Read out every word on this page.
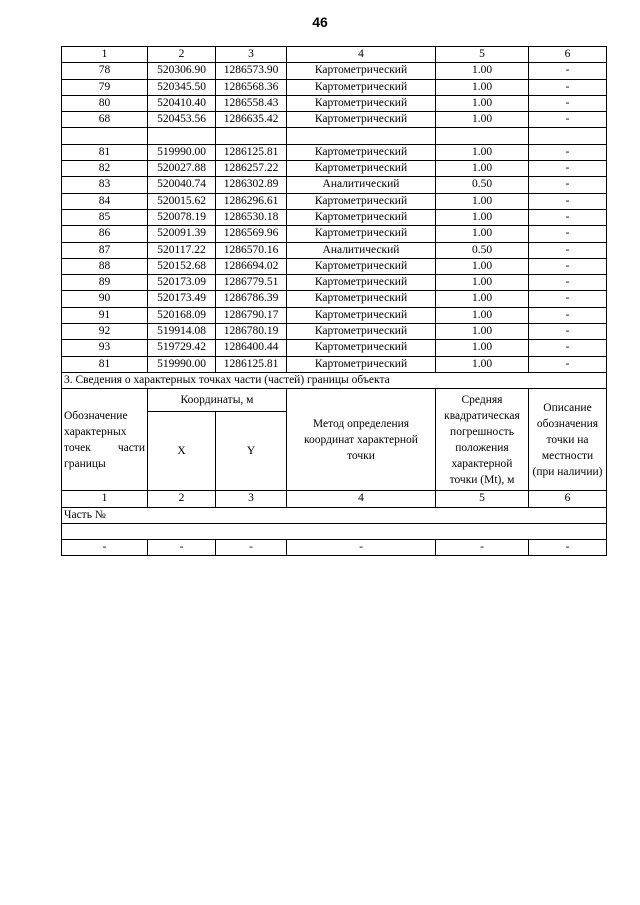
46
1	2	3	4	5	6
78	520306.90	1286573.90	Картометрический	1.00	-
79	520345.50	1286568.36	Картометрический	1.00	-
80	520410.40	1286558.43	Картометрический	1.00	-
68	520453.56	1286635.42	Картометрический	1.00	-

81	519990.00	1286125.81	Картометрический	1.00	-
82	520027.88	1286257.22	Картометрический	1.00	-
83	520040.74	1286302.89	Аналитический	0.50	-
84	520015.62	1286296.61	Картометрический	1.00	-
85	520078.19	1286530.18	Картометрический	1.00	-
86	520091.39	1286569.96	Картометрический	1.00	-
87	520117.22	1286570.16	Аналитический	0.50	-
88	520152.68	1286694.02	Картометрический	1.00	-
89	520173.09	1286779.51	Картометрический	1.00	-
90	520173.49	1286786.39	Картометрический	1.00	-
91	520168.09	1286790.17	Картометрический	1.00	-
92	519914.08	1286780.19	Картометрический	1.00	-
93	519729.42	1286400.44	Картометрический	1.00	-
81	519990.00	1286125.81	Картометрический	1.00	-
3. Сведения о характерных точках части (частей) границы объекта					

Обозначение характерных точек части границы	Координаты, м		Метод определения координат характерной точки	Средняя квадратическая погрешность положения характерной точки (Mt), м	Описание обозначения точки на местности (при наличии)
	X	Y			
1	2	3	4	5	6
Часть №					

-	-	-	-	-	-
